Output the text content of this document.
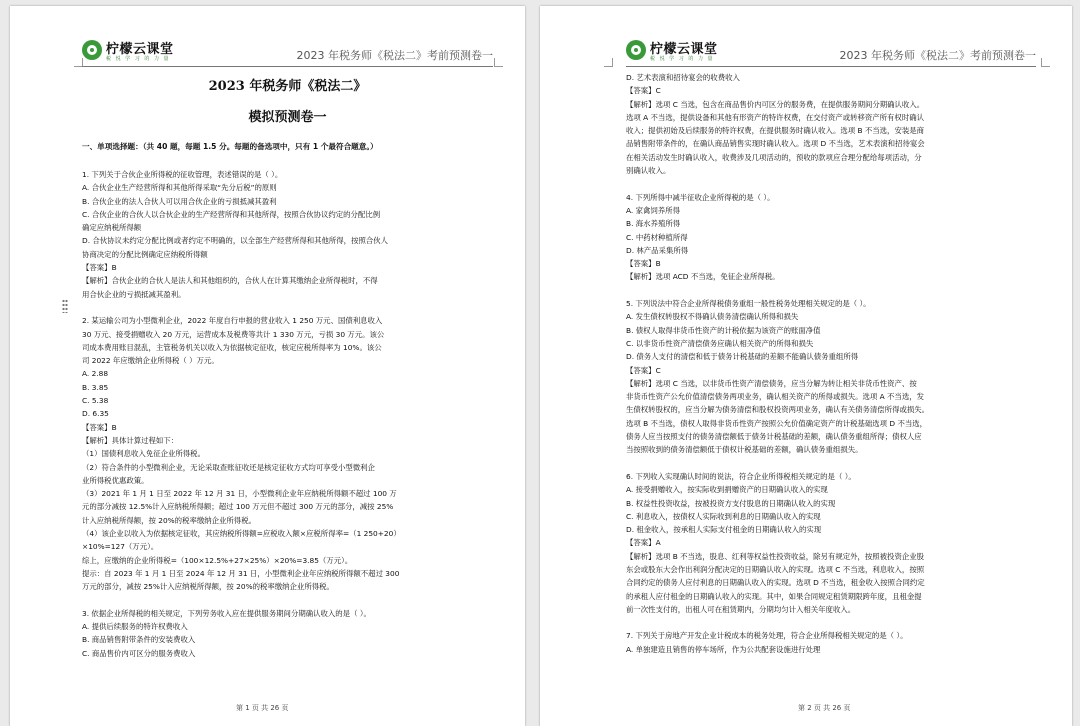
柠檬云课堂
税 悦 学 习 的 力 量	2023 年税务师《税法二》考前预测卷一
2023 年税务师《税法二》
模拟预测卷一
一、单项选择题：（共 40 题，每题 1.5 分。每题的备选项中，只有 1 个最符合题意。）
1. 下列关于合伙企业所得税的征收管理，表述错误的是（ ）。
A. 合伙企业生产经营所得和其他所得采取“先分后税”的原则
B. 合伙企业的法人合伙人可以用合伙企业的亏损抵减其盈利
C. 合伙企业的合伙人以合伙企业的生产经营所得和其他所得，按照合伙协议约定的分配比例
确定应纳税所得额
D. 合伙协议未约定分配比例或者约定不明确的，以全部生产经营所得和其他所得，按照合伙人
协商决定的分配比例确定应纳税所得额
【答案】B
【解析】合伙企业的合伙人是法人和其他组织的，合伙人在计算其缴纳企业所得税时，不得
用合伙企业的亏损抵减其盈利。
2. 某运输公司为小型微利企业，2022 年度自行申报的营业收入 1 250 万元、国债利息收入
30 万元、接受捐赠收入 20 万元，运营成本及税费等共计 1 330 万元，亏损 30 万元。该公
司成本费用账目混乱，主管税务机关以收入为依据核定征收，核定应税所得率为 10%。该公
司 2022 年应缴纳企业所得税（ ）万元。
A. 2.88
B. 3.85
C. 5.38
D. 6.35
【答案】B
【解析】具体计算过程如下：
（1）国债利息收入免征企业所得税。
（2）符合条件的小型微利企业，无论采取查账征收还是核定征收方式均可享受小型微利企
业所得税优惠政策。
（3）2021 年 1 月 1 日至 2022 年 12 月 31 日，小型微利企业年应纳税所得额不超过 100 万
元的部分减按 12.5%计入应纳税所得额；超过 100 万元但不超过 300 万元的部分，减按 25%
计入应纳税所得额，按 20%的税率缴纳企业所得税。
（4）该企业以收入为依据核定征收，其应纳税所得额=应税收入额×应税所得率=（1 250+20）
×10%=127（万元）。
综上，应缴纳的企业所得税=（100×12.5%+27×25%）×20%=3.85（万元）。
提示：自 2023 年 1 月 1 日至 2024 年 12 月 31 日，小型微利企业年应纳税所得额不超过 300
万元的部分，减按 25%计入应纳税所得额，按 20%的税率缴纳企业所得税。
3. 依据企业所得税的相关规定，下列劳务收入应在提供服务期间分期确认收入的是（ ）。
A. 提供后续服务的特许权费收入
B. 商品销售附带条件的安装费收入
C. 商品售价内可区分的服务费收入
第 1 页 共 26 页
柠檬云课堂
税 悦 学 习 的 力 量	2023 年税务师《税法二》考前预测卷一
D. 艺术表演和招待宴会的收费收入
【答案】C
【解析】选项 C 当选，包含在商品售价内可区分的服务费，在提供服务期间分期确认收入。
选项 A 不当选，提供设备和其他有形资产的特许权费，在交付资产或转移资产所有权时确认
收入；提供初始及后续服务的特许权费，在提供服务时确认收入。选项 B 不当选，安装是商
品销售附带条件的，在确认商品销售实现时确认收入。选项 D 不当选，艺术表演和招待宴会
在相关活动发生时确认收入，收费涉及几项活动的，预收的款项应合理分配给每项活动，分
别确认收入。
4. 下列所得中减半征收企业所得税的是（ ）。
A. 家禽饲养所得
B. 海水养殖所得
C. 中药材种植所得
D. 林产品采集所得
【答案】B
【解析】选项 ACD 不当选，免征企业所得税。
5. 下列说法中符合企业所得税债务重组一般性税务处理相关规定的是（ ）。
A. 发生债权转股权不得确认债务清偿确认所得和损失
B. 债权人取得非货币性资产的计税依据为该资产的账面净值
C. 以非货币性资产清偿债务应确认相关资产的所得和损失
D. 债务人支付的清偿和低于债务计税基础的差额不能确认债务重组所得
【答案】C
【解析】选项 C 当选，以非货币性资产清偿债务，应当分解为转让相关非货币性资产、按
非货币性资产公允价值清偿债务两项业务，确认相关资产的所得或损失。选项 A 不当选，发
生债权转股权的，应当分解为债务清偿和股权投资两项业务，确认有关债务清偿所得或损失。
选项 B 不当选，债权人取得非货币性资产按照公允价值确定资产的计税基础选项 D 不当选，
债务人应当按照支付的债务清偿额低于债务计税基础的差额，确认债务重组所得；债权人应
当按照收到的债务清偿额低于债权计税基础的差额，确认债务重组损失。
6. 下列收入实现确认时间的说法，符合企业所得税相关规定的是（ ）。
A. 接受捐赠收入，按实际收到捐赠资产的日期确认收入的实现
B. 权益性投资收益，按被投资方支付股息的日期确认收入的实现
C. 利息收入，按债权人实际收到利息的日期确认收入的实现
D. 租金收入，按承租人实际支付租金的日期确认收入的实现
【答案】A
【解析】选项 B 不当选，股息、红利等权益性投资收益，除另有规定外，按照被投资企业股
东会或股东大会作出利润分配决定的日期确认收入的实现。选项 C 不当选，利息收入，按照
合同约定的债务人应付利息的日期确认收入的实现。选项 D 不当选，租金收入按照合同约定
的承租人应付租金的日期确认收入的实现。其中，如果合同规定租赁期限跨年度，且租金提
前一次性支付的，出租人可在租赁期内，分期均匀计入相关年度收入。
7. 下列关于房地产开发企业计税成本的税务处理，符合企业所得税相关规定的是（ ）。
A. 单独建造且销售的停车场所，作为公共配套设施进行处理
第 2 页 共 26 页
